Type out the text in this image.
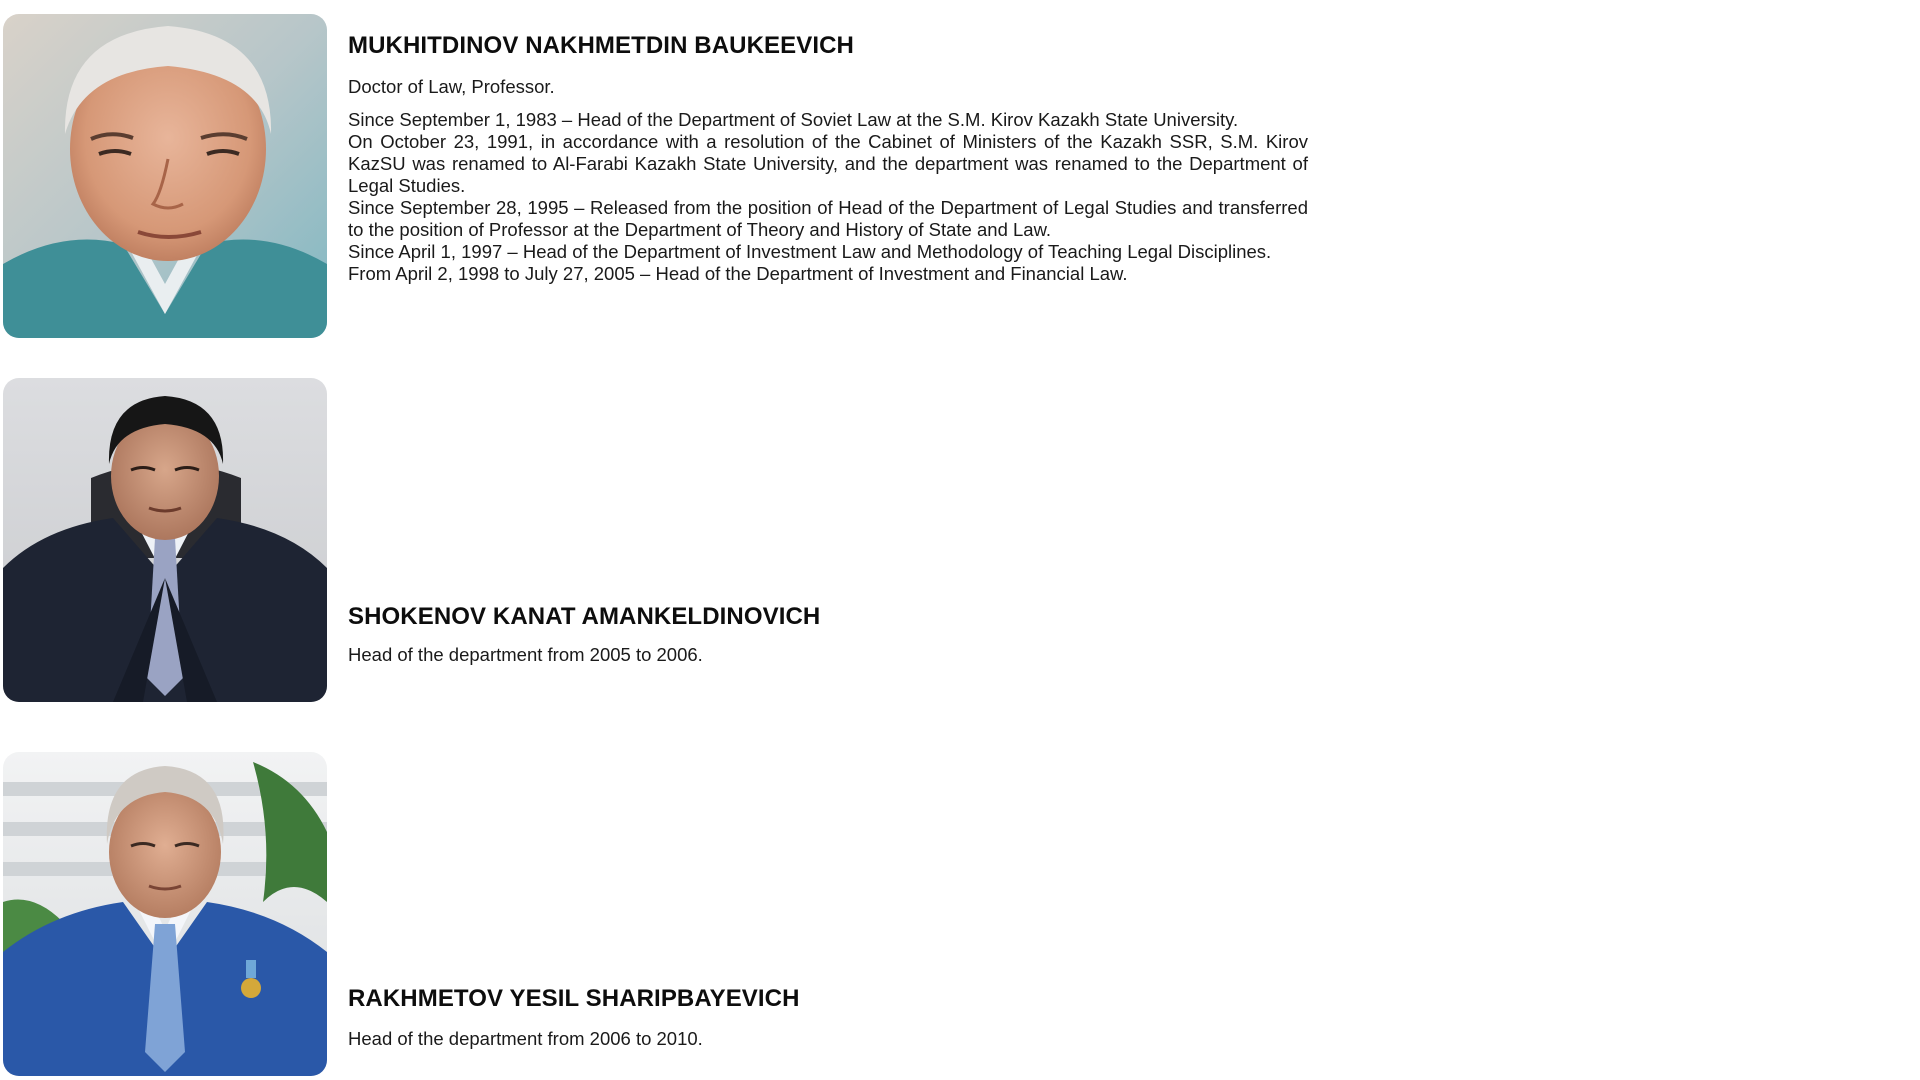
MUKHITDINOV NAKHMETDIN BAUKEEVICH

Doctor of Law, Professor.

Since September 1, 1983 – Head of the Department of Soviet Law at the S.M. Kirov Kazakh State University.

On October 23, 1991, in accordance with a resolution of the Cabinet of Ministers of the Kazakh SSR, S.M. Kirov KazSU was renamed to Al-Farabi Kazakh State University, and the department was renamed to the Department of Legal Studies.

Since September 28, 1995 – Released from the position of Head of the Department of Legal Studies and transferred to the position of Professor at the Department of Theory and History of State and Law.

Since April 1, 1997 – Head of the Department of Investment Law and Methodology of Teaching Legal Disciplines.

From April 2, 1998 to July 27, 2005 – Head of the Department of Investment and Financial Law.

SHOKENOV KANAT AMANKELDINOVICH

Head of the department from 2005 to 2006.

RAKHMETOV YESIL SHARIPBAYEVICH

Head of the department from 2006 to 2010.
